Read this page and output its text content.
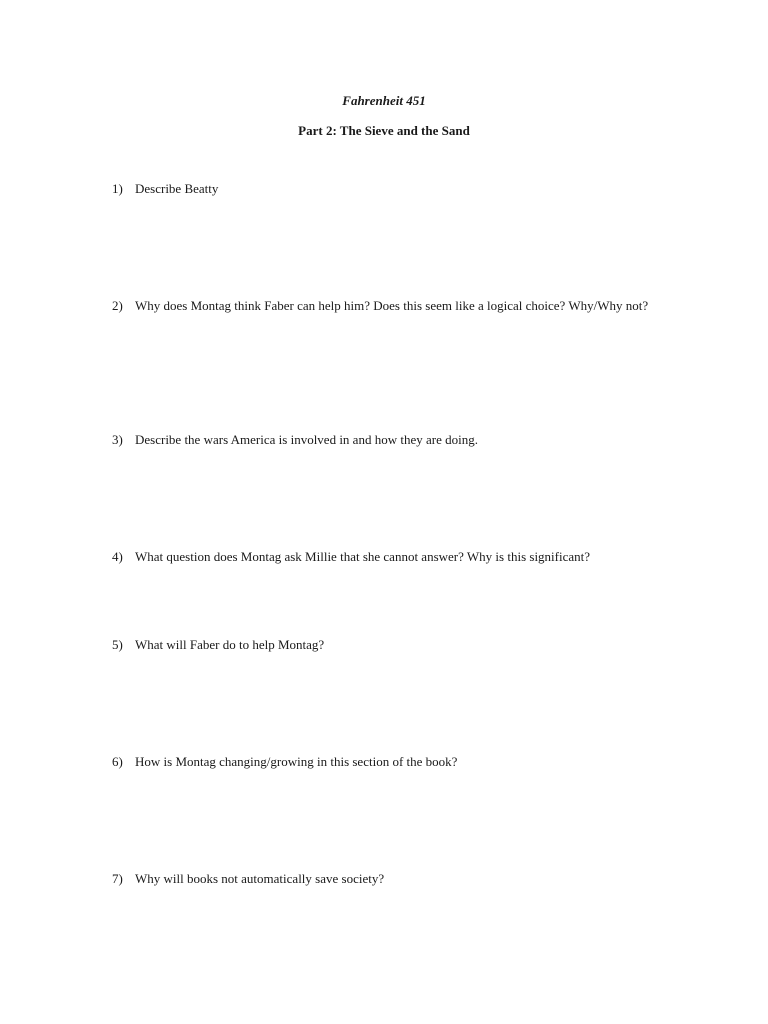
Fahrenheit 451
Part 2: The Sieve and the Sand
1) Describe Beatty
2) Why does Montag think Faber can help him? Does this seem like a logical choice? Why/Why not?
3) Describe the wars America is involved in and how they are doing.
4) What question does Montag ask Millie that she cannot answer? Why is this significant?
5) What will Faber do to help Montag?
6) How is Montag changing/growing in this section of the book?
7) Why will books not automatically save society?
